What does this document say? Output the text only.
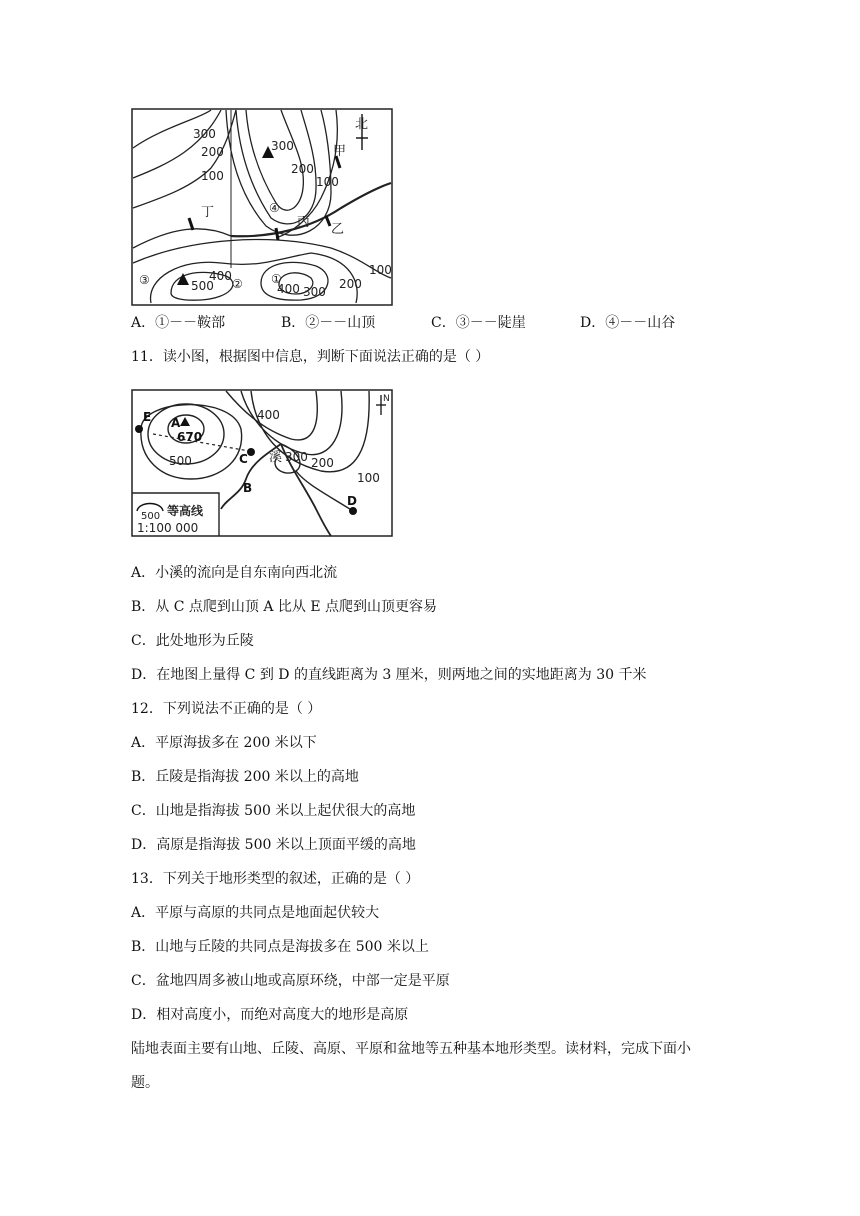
300
200
100
300
200
100
400
500	400 300
200
100
甲
乙
丙
丁
①
②
③
④
北
A．①－－鞍部	B．②－－山顶	C．③－－陡崖	D．④－－山谷
11．读小图，根据图中信息，判断下面说法正确的是（ ）
A
670
400
300 200
100
500
E
C
B
D
溪
N
500 等高线
1:100 000
A．小溪的流向是自东南向西北流
B．从 C 点爬到山顶 A 比从 E 点爬到山顶更容易
C．此处地形为丘陵
D．在地图上量得 C 到 D 的直线距离为 3 厘米，则两地之间的实地距离为 30 千米
12．下列说法不正确的是（ ）
A．平原海拔多在 200 米以下
B．丘陵是指海拔 200 米以上的高地
C．山地是指海拔 500 米以上起伏很大的高地
D．高原是指海拔 500 米以上顶面平缓的高地
13．下列关于地形类型的叙述，正确的是（ ）
A．平原与高原的共同点是地面起伏较大
B．山地与丘陵的共同点是海拔多在 500 米以上
C．盆地四周多被山地或高原环绕，中部一定是平原
D．相对高度小，而绝对高度大的地形是高原
陆地表面主要有山地、丘陵、高原、平原和盆地等五种基本地形类型。读材料，完成下面小
题。
